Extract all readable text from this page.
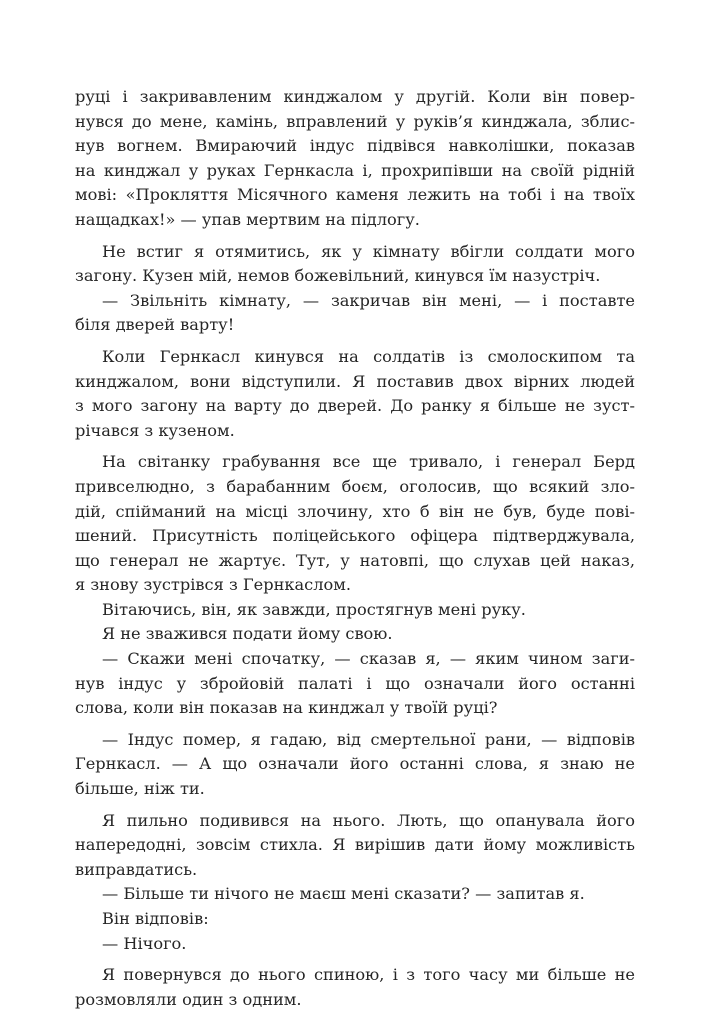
руці і закривавленим кинджалом у другій. Коли він повер-
нувся до мене, камінь, вправлений у руків’я кинджала, зблис-
нув вогнем. Вмираючий індус підвівся навколішки, показав
на кинджал у руках Гернкасла і, прохрипівши на своїй рідній
мові: «Прокляття Місячного каменя лежить на тобі і на твоїх
нащадках!» — упав мертвим на підлогу.
Не встиг я отямитись, як у кімнату вбігли солдати мого
загону. Кузен мій, немов божевільний, кинувся їм назустріч.
— Звільніть кімнату, — закричав він мені, — і поставте
біля дверей варту!
Коли Гернкасл кинувся на солдатів із смолоскипом та
кинджалом, вони відступили. Я поставив двох вірних людей
з мого загону на варту до дверей. До ранку я більше не зуст-
річався з кузеном.
На світанку грабування все ще тривало, і генерал Берд
привселюдно, з барабанним боєм, оголосив, що всякий зло-
дій, спійманий на місці злочину, хто б він не був, буде пові-
шений. Присутність поліцейського офіцера підтверджувала,
що генерал не жартує. Тут, у натовпі, що слухав цей наказ,
я знову зустрівся з Гернкаслом.
Вітаючись, він, як завжди, простягнув мені руку.
Я не зважився подати йому свою.
— Скажи мені спочатку, — сказав я, — яким чином заги-
нув індус у збройовій палаті і що означали його останні
слова, коли він показав на кинджал у твоїй руці?
— Індус помер, я гадаю, від смертельної рани, — відповів
Гернкасл. — А що означали його останні слова, я знаю не
більше, ніж ти.
Я пильно подивився на нього. Лють, що опанувала його
напередодні, зовсім стихла. Я вирішив дати йому можливість
виправдатись.
— Більше ти нічого не маєш мені сказати? — запитав я.
Він відповів:
— Нічого.
Я повернувся до нього спиною, і з того часу ми більше не
розмовляли один з одним.
